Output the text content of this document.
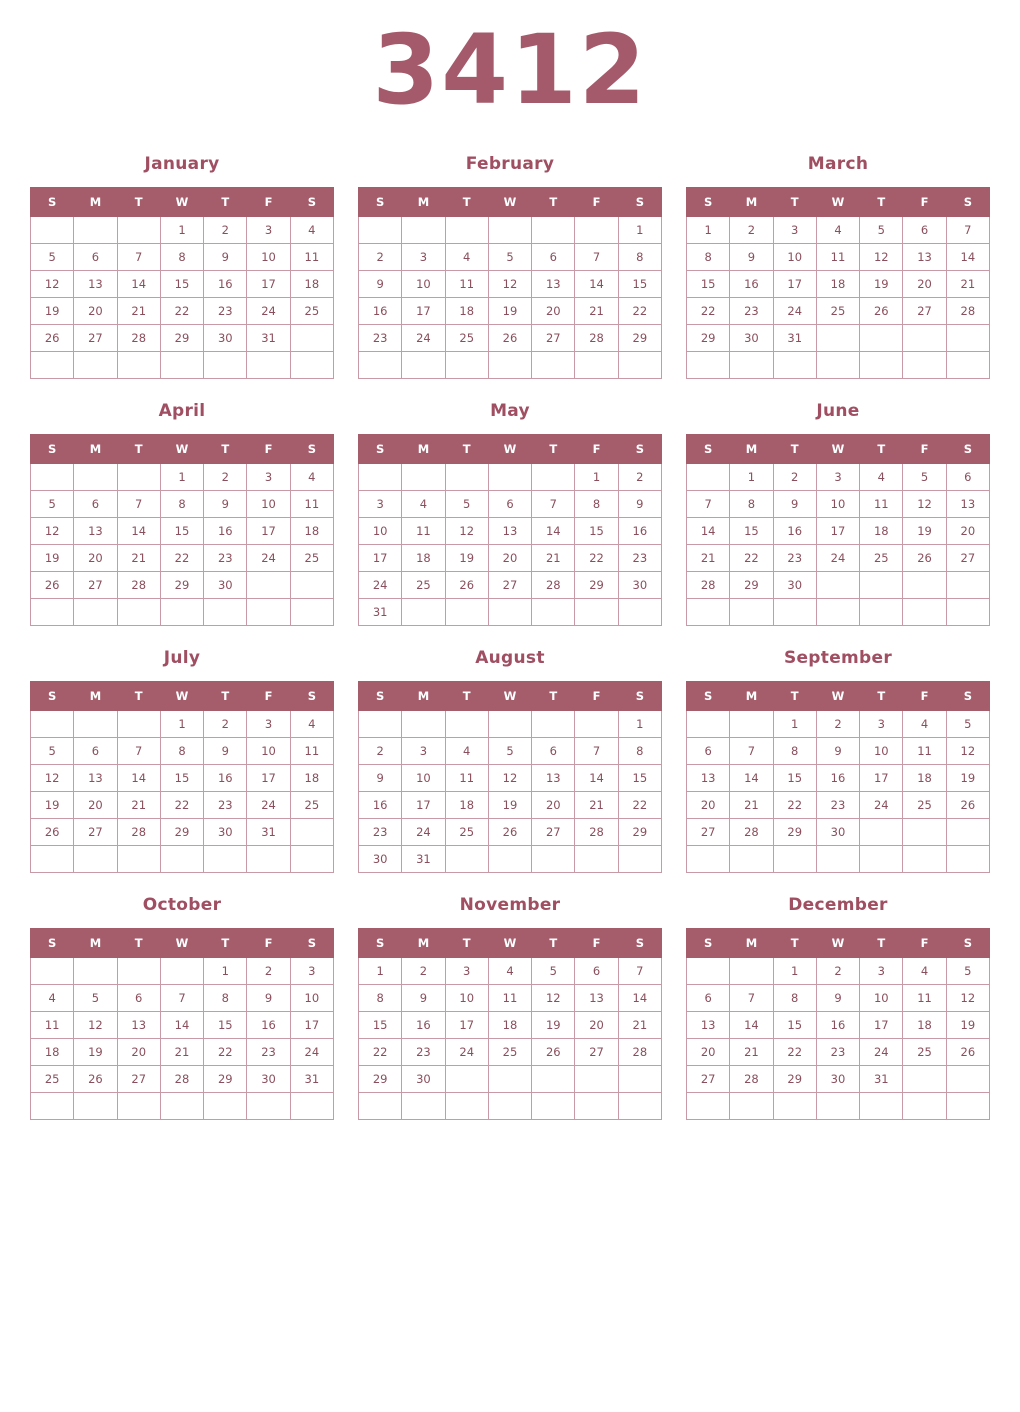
3412
January
S	M	T	W	T	F	S
			1	2	3	4
5	6	7	8	9	10	11
12	13	14	15	16	17	18
19	20	21	22	23	24	25
26	27	28	29	30	31	

February
S	M	T	W	T	F	S
						1
2	3	4	5	6	7	8
9	10	11	12	13	14	15
16	17	18	19	20	21	22
23	24	25	26	27	28	29

March
S	M	T	W	T	F	S
1	2	3	4	5	6	7
8	9	10	11	12	13	14
15	16	17	18	19	20	21
22	23	24	25	26	27	28
29	30	31				

April
S	M	T	W	T	F	S
			1	2	3	4
5	6	7	8	9	10	11
12	13	14	15	16	17	18
19	20	21	22	23	24	25
26	27	28	29	30		

May
S	M	T	W	T	F	S
					1	2
3	4	5	6	7	8	9
10	11	12	13	14	15	16
17	18	19	20	21	22	23
24	25	26	27	28	29	30
31						
June
S	M	T	W	T	F	S
	1	2	3	4	5	6
7	8	9	10	11	12	13
14	15	16	17	18	19	20
21	22	23	24	25	26	27
28	29	30				

July
S	M	T	W	T	F	S
			1	2	3	4
5	6	7	8	9	10	11
12	13	14	15	16	17	18
19	20	21	22	23	24	25
26	27	28	29	30	31	

August
S	M	T	W	T	F	S
						1
2	3	4	5	6	7	8
9	10	11	12	13	14	15
16	17	18	19	20	21	22
23	24	25	26	27	28	29
30	31					
September
S	M	T	W	T	F	S
		1	2	3	4	5
6	7	8	9	10	11	12
13	14	15	16	17	18	19
20	21	22	23	24	25	26
27	28	29	30			

October
S	M	T	W	T	F	S
				1	2	3
4	5	6	7	8	9	10
11	12	13	14	15	16	17
18	19	20	21	22	23	24
25	26	27	28	29	30	31

November
S	M	T	W	T	F	S
1	2	3	4	5	6	7
8	9	10	11	12	13	14
15	16	17	18	19	20	21
22	23	24	25	26	27	28
29	30					

December
S	M	T	W	T	F	S
		1	2	3	4	5
6	7	8	9	10	11	12
13	14	15	16	17	18	19
20	21	22	23	24	25	26
27	28	29	30	31		
